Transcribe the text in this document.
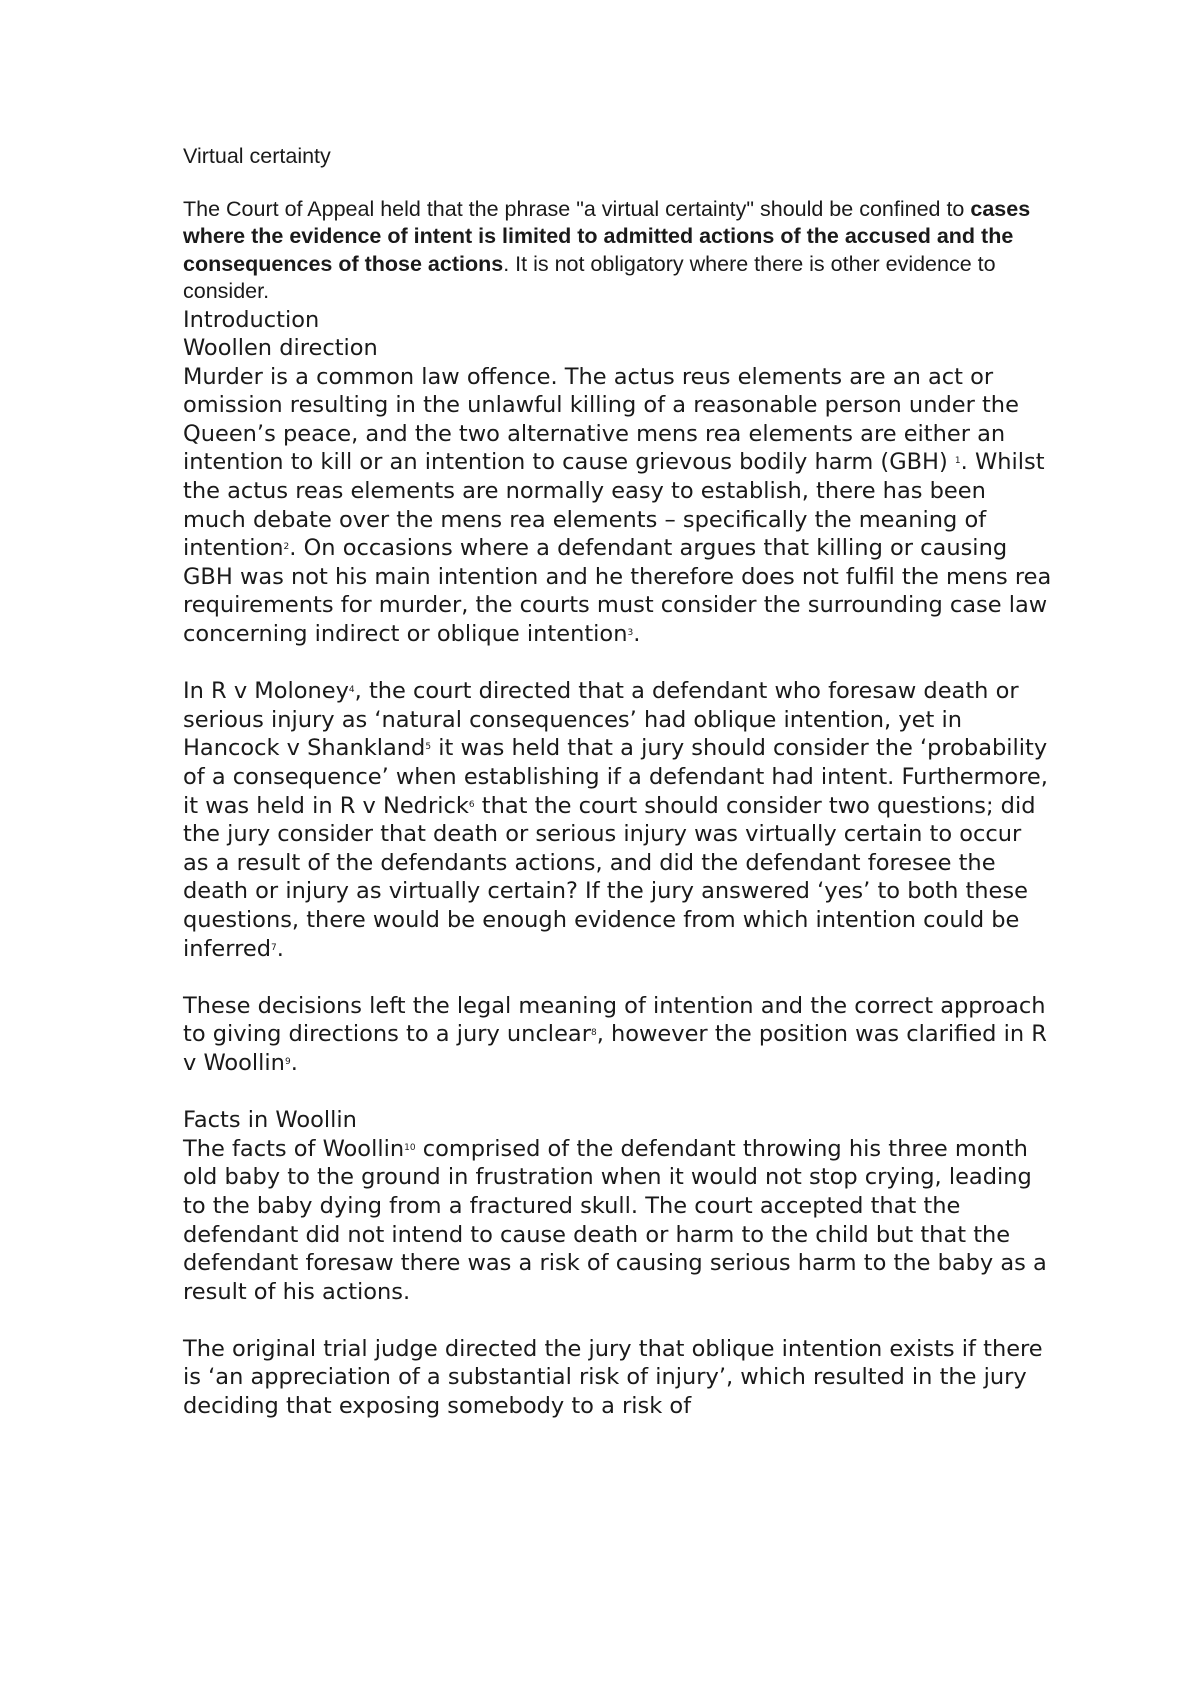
Virtual certainty

The Court of Appeal held that the phrase "a virtual certainty" should be confined to cases where the evidence of intent is limited to admitted actions of the accused and the consequences of those actions. It is not obligatory where there is other evidence to consider.

Introduction
Woollen direction

Murder is a common law offence. The actus reus elements are an act or omission resulting in the unlawful killing of a reasonable person under the Queen’s peace, and the two alternative mens rea elements are either an intention to kill or an intention to cause grievous bodily harm (GBH) $^1$. Whilst the actus reas elements are normally easy to establish, there has been much debate over the mens rea elements – specifically the meaning of intention$^2$. On occasions where a defendant argues that killing or causing GBH was not his main intention and he therefore does not fulfil the mens rea requirements for murder, the courts must consider the surrounding case law concerning indirect or oblique intention$^3$.

In R v Moloney$^4$, the court directed that a defendant who foresaw death or serious injury as ‘natural consequences’ had oblique intention, yet in Hancock v Shankland$^5$ it was held that a jury should consider the ‘probability of a consequence’ when establishing if a defendant had intent. Furthermore, it was held in R v Nedrick$^6$ that the court should consider two questions; did the jury consider that death or serious injury was virtually certain to occur as a result of the defendants actions, and did the defendant foresee the death or injury as virtually certain? If the jury answered ‘yes’ to both these questions, there would be enough evidence from which intention could be inferred$^7$.

These decisions left the legal meaning of intention and the correct approach to giving directions to a jury unclear$^8$, however the position was clarified in R v Woollin$^9$.

Facts in Woollin

The facts of Woollin$^{10}$ comprised of the defendant throwing his three month old baby to the ground in frustration when it would not stop crying, leading to the baby dying from a fractured skull. The court accepted that the defendant did not intend to cause death or harm to the child but that the defendant foresaw there was a risk of causing serious harm to the baby as a result of his actions.

The original trial judge directed the jury that oblique intention exists if there is ‘an appreciation of a substantial risk of injury’, which resulted in the jury deciding that exposing somebody to a risk of
